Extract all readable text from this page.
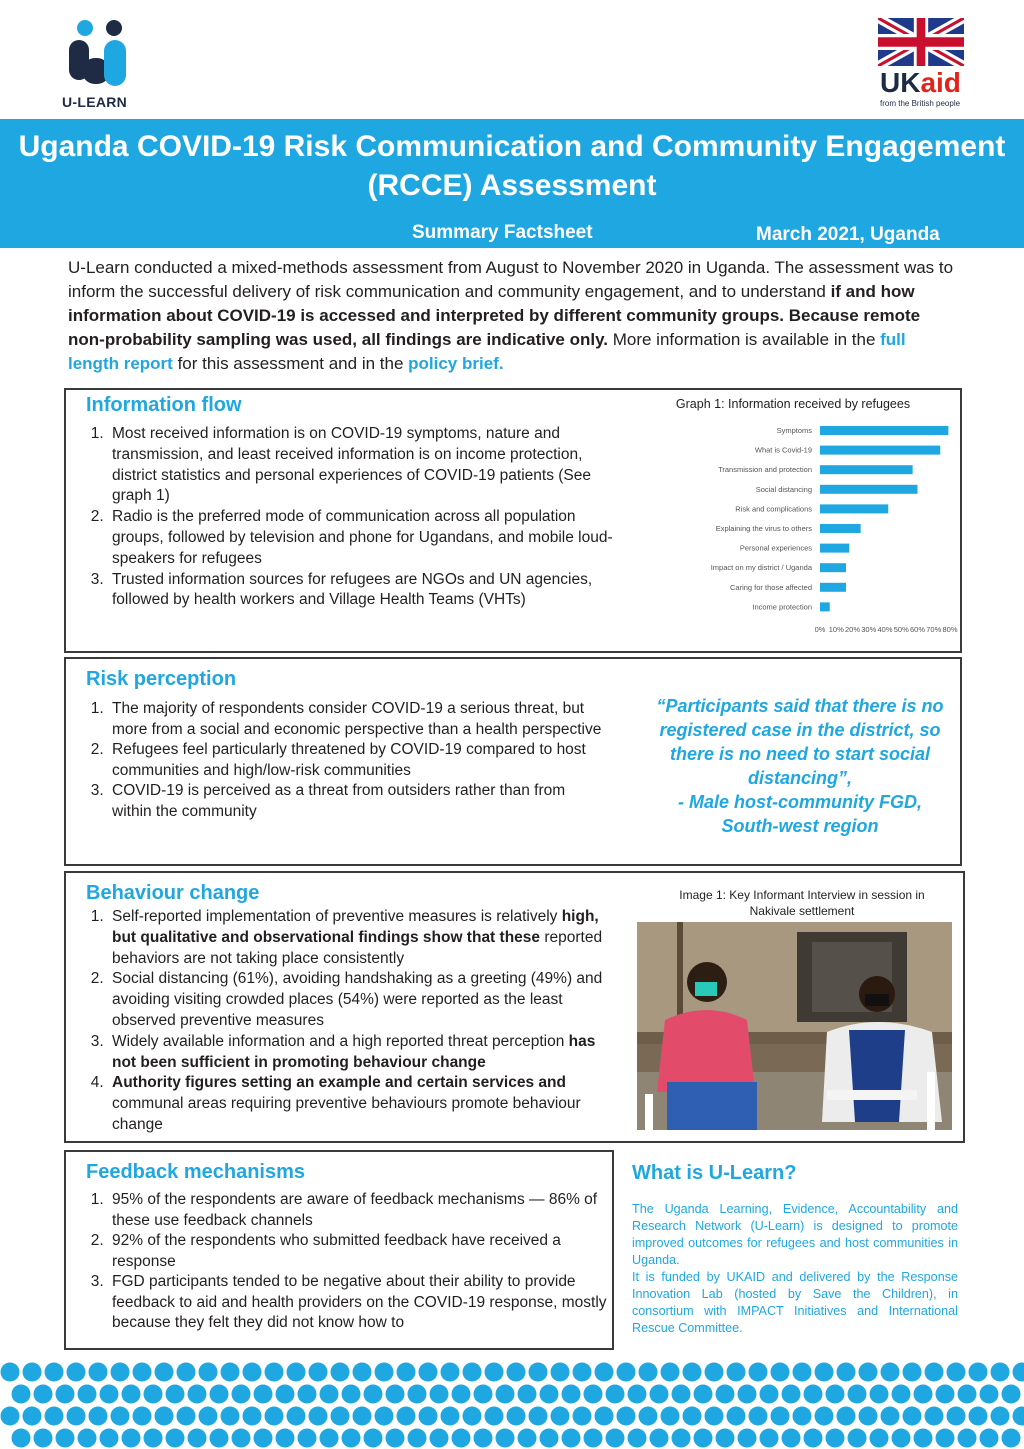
U-LEARN
UKaid
from the British people
Uganda COVID-19 Risk Communication and Community Engagement (RCCE) Assessment
Summary Factsheet	March 2021, Uganda
U-Learn conducted a mixed-methods assessment from August to November 2020 in Uganda. The assessment was to inform the successful delivery of risk communication and community engagement, and to understand if and how information about COVID-19 is accessed and interpreted by different community groups. Because remote non-probability sampling was used, all findings are indicative only. More information is available in the full length report for this assessment and in the policy brief.
Information flow
1. Most received information is on COVID-19 symptoms, nature and transmission, and least received information is on income protection, district statistics and personal experiences of COVID-19 patients (See graph 1)
2. Radio is the preferred mode of communication across all population groups, followed by television and phone for Ugandans, and mobile loud-speakers for refugees
3. Trusted information sources for refugees are NGOs and UN agencies, followed by health workers and Village Health Teams (VHTs)
Graph 1: Information received by refugees
Symptoms
What is Covid-19
Transmission and protection
Social distancing
Risk and complications
Explaining the virus to others
Personal experiences
Impact on my district / Uganda
Caring for those affected
Income protection
0% 10% 20% 30% 40% 50% 60% 70% 80%
Risk perception
1. The majority of respondents consider COVID-19 a serious threat, but more from a social and economic perspective than a health perspective
2. Refugees feel particularly threatened by COVID-19 compared to host communities and high/low-risk communities
3. COVID-19 is perceived as a threat from outsiders rather than from within the community
“Participants said that there is no registered case in the district, so there is no need to start social distancing”,
- Male host-community FGD, South-west region
Behaviour change
1. Self-reported implementation of preventive measures is relatively high, but qualitative and observational findings show that these reported behaviors are not taking place consistently
2. Social distancing (61%), avoiding handshaking as a greeting (49%) and avoiding visiting crowded places (54%) were reported as the least observed preventive measures
3. Widely available information and a high reported threat perception has not been sufficient in promoting behaviour change
4. Authority figures setting an example and certain services and communal areas requiring preventive behaviours promote behaviour change
Image 1: Key Informant Interview in session in Nakivale settlement
Feedback mechanisms
1. 95% of the respondents are aware of feedback mechanisms — 86% of these use feedback channels
2. 92% of the respondents who submitted feedback have received a response
3. FGD participants tended to be negative about their ability to provide feedback to aid and health providers on the COVID-19 response, mostly because they felt they did not know how to
What is U-Learn?

The Uganda Learning, Evidence, Accountability and Research Network (U-Learn) is designed to promote improved outcomes for refugees and host communities in Uganda.

It is funded by UKAID and delivered by the Response Innovation Lab (hosted by Save the Children), in consortium with IMPACT Initiatives and International Rescue Committee.
